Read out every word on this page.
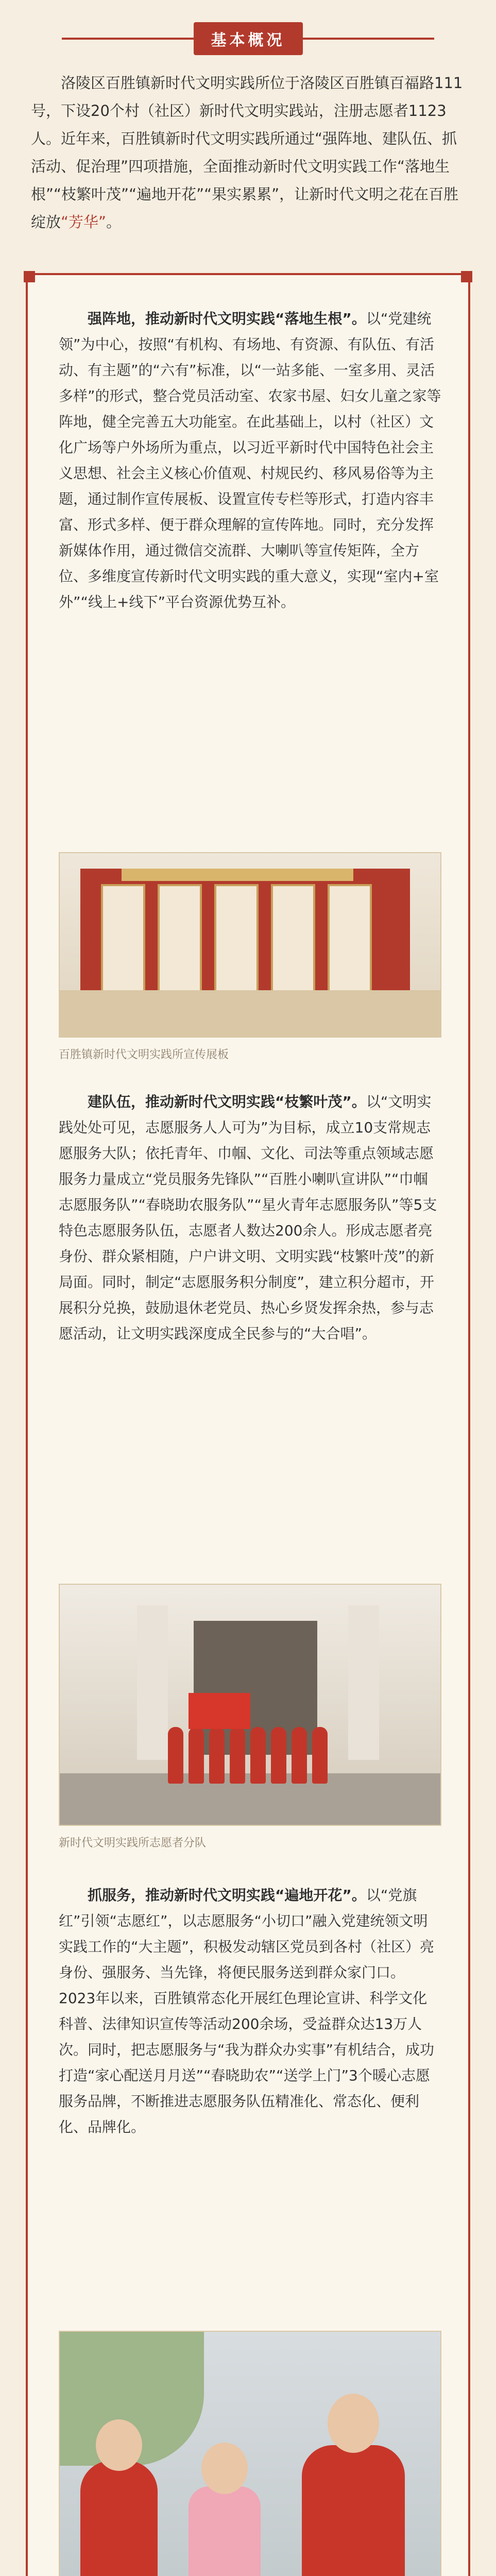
基本概况

洛陵区百胜镇新时代文明实践所位于洛陵区百胜镇百福路111号，下设20个村（社区）新时代文明实践站，注册志愿者1123人。近年来，百胜镇新时代文明实践所通过“强阵地、建队伍、抓活动、促治理”四项措施，全面推动新时代文明实践工作“落地生根”“枝繁叶茂”“遍地开花”“果实累累”，让新时代文明之花在百胜绽放“芳华”。

强阵地，推动新时代文明实践“落地生根”。以“党建统领”为中心，按照“有机构、有场地、有资源、有队伍、有活动、有主题”的“六有”标准，以“一站多能、一室多用、灵活多样”的形式，整合党员活动室、农家书屋、妇女儿童之家等阵地，健全完善五大功能室。在此基础上，以村（社区）文化广场等户外场所为重点，以习近平新时代中国特色社会主义思想、社会主义核心价值观、村规民约、移风易俗等为主题，通过制作宣传展板、设置宣传专栏等形式，打造内容丰富、形式多样、便于群众理解的宣传阵地。同时，充分发挥新媒体作用，通过微信交流群、大喇叭等宣传矩阵，全方位、多维度宣传新时代文明实践的重大意义，实现“室内+室外”“线上+线下”平台资源优势互补。

百胜镇新时代文明实践所宣传展板

建队伍，推动新时代文明实践“枝繁叶茂”。以“文明实践处处可见，志愿服务人人可为”为目标，成立10支常规志愿服务大队；依托青年、巾帼、文化、司法等重点领域志愿服务力量成立“党员服务先锋队”“百胜小喇叭宣讲队”“巾帼志愿服务队”“春晓助农服务队”“星火青年志愿服务队”等5支特色志愿服务队伍，志愿者人数达200余人。形成志愿者亮身份、群众紧相随，户户讲文明、文明实践“枝繁叶茂”的新局面。同时，制定“志愿服务积分制度”，建立积分超市，开展积分兑换，鼓励退休老党员、热心乡贤发挥余热，参与志愿活动，让文明实践深度成全民参与的“大合唱”。

新时代文明实践所志愿者分队

抓服务，推动新时代文明实践“遍地开花”。以“党旗红”引领“志愿红”，以志愿服务“小切口”融入党建统领文明实践工作的“大主题”，积极发动辖区党员到各村（社区）亮身份、强服务、当先锋，将便民服务送到群众家门口。2023年以来，百胜镇常态化开展红色理论宣讲、科学文化科普、法律知识宣传等活动200余场，受益群众达13万人次。同时，把志愿服务与“我为群众办实事”有机结合，成功打造“家心配送月月送”“春晓助农”“送学上门”3个暖心志愿服务品牌，不断推进志愿服务队伍精准化、常态化、便利化、品牌化。
